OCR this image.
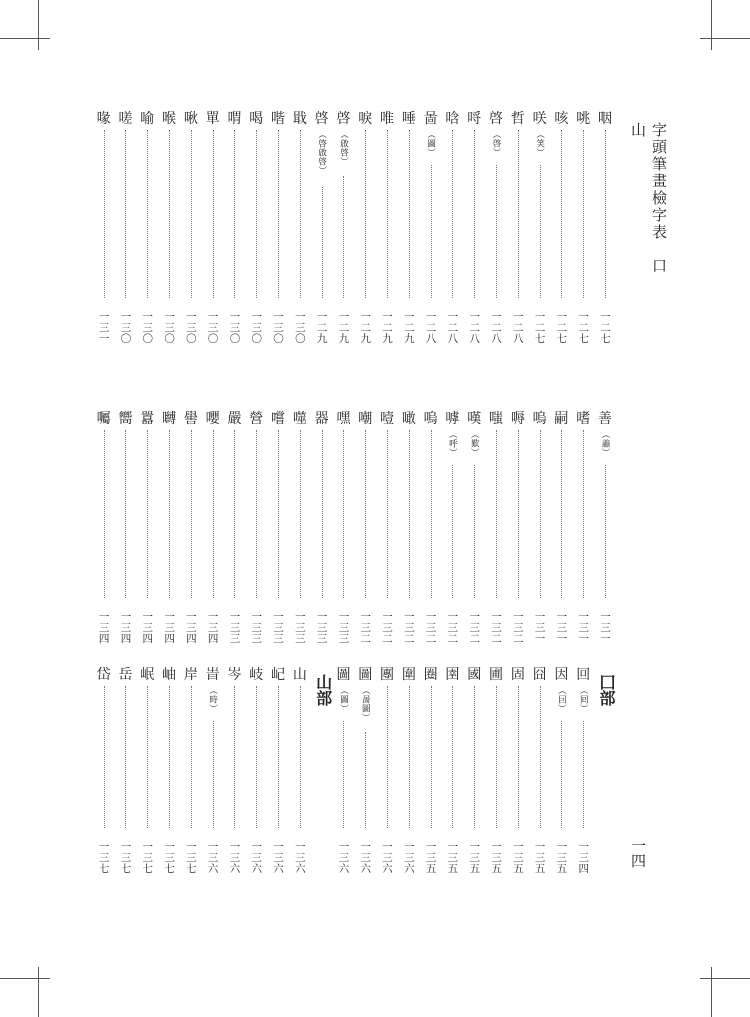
字頭筆畫檢字表　口 山
一四
咽
一二七
咷
一二七
咳
一二七
咲
（笑）
一二七
哲
一二八
啓
（啓）
一二八
哷
一二八
唅
一二八
啚
（圖）
一二八
唾
一二九
唯
一二九
唳
一二九
啓
（啟啓）
一二九
啓
（啓啟啓）
一二九
戢
一三〇
喈
一三〇
喝
一三〇
喟
一三〇
單
一三〇
啾
一三〇
喉
一三〇
喻
一三〇
嗟
一三〇
喙
一三一
善
（譱）
一三一
嗜
一三一
嗣
一三一
嗚
一三一
嗕
一三二
嗤
一三二
嘆
（歎）
一三二
嘑
（呼）
一三二
嗚
一三二
噉
一三二
噎
一三二
嘲
一三二
嘿
一三三
器
一三三
噬
一三三
嚐
一三三
營
一三三
嚴
一三三
嚶
一三四
嚳
一三四
嚩
一三四
囂
一三四
嚮
一三四
囑
一三四
囗部
回
（囘）
一三四
因
（囙）
一三五
囧
一三五
固
一三五
圃
一三五
國
一三五
圉
一三五
圈
一三五
圍
一三六
團
一三六
圖
（啚圖）
一三六
圖
（圖）
一三六
山部
山
一三六
屺
一三六
岐
一三六
岑
一三六
旹
（時）
一三六
岸
一三七
岫
一三七
岷
一三七
岳
一三七
岱
一三七
